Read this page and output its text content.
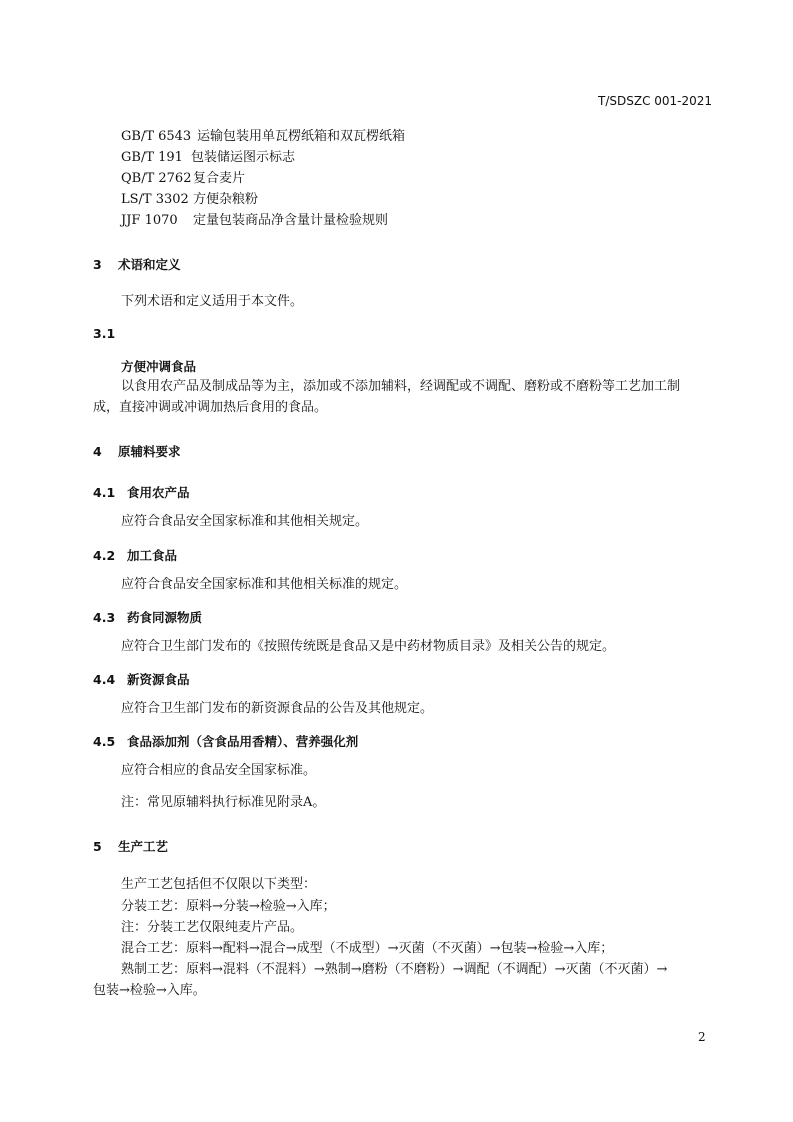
T/SDSZC 001-2021
GB/T 6543 运输包装用单瓦楞纸箱和双瓦楞纸箱
GB/T 191 包装储运图示标志
QB/T 2762 复合麦片
LS/T 3302 方便杂粮粉
JJF 1070 定量包装商品净含量计量检验规则
3 术语和定义
下列术语和定义适用于本文件。
3.1
方便冲调食品
以食用农产品及制成品等为主，添加或不添加辅料，经调配或不调配、磨粉或不磨粉等工艺加工制
成，直接冲调或冲调加热后食用的食品。
4 原辅料要求
4.1 食用农产品
应符合食品安全国家标准和其他相关规定。
4.2 加工食品
应符合食品安全国家标准和其他相关标准的规定。
4.3 药食同源物质
应符合卫生部门发布的《按照传统既是食品又是中药材物质目录》及相关公告的规定。
4.4 新资源食品
应符合卫生部门发布的新资源食品的公告及其他规定。
4.5 食品添加剂（含食品用香精）、营养强化剂
应符合相应的食品安全国家标准。
注：常见原辅料执行标准见附录A。
5 生产工艺
生产工艺包括但不仅限以下类型：
分装工艺：原料→分装→检验→入库；
注：分装工艺仅限纯麦片产品。
混合工艺：原料→配料→混合→成型（不成型）→灭菌（不灭菌）→包装→检验→入库；
熟制工艺：原料→混料（不混料）→熟制→磨粉（不磨粉）→调配（不调配）→灭菌（不灭菌）→
包装→检验→入库。
2
